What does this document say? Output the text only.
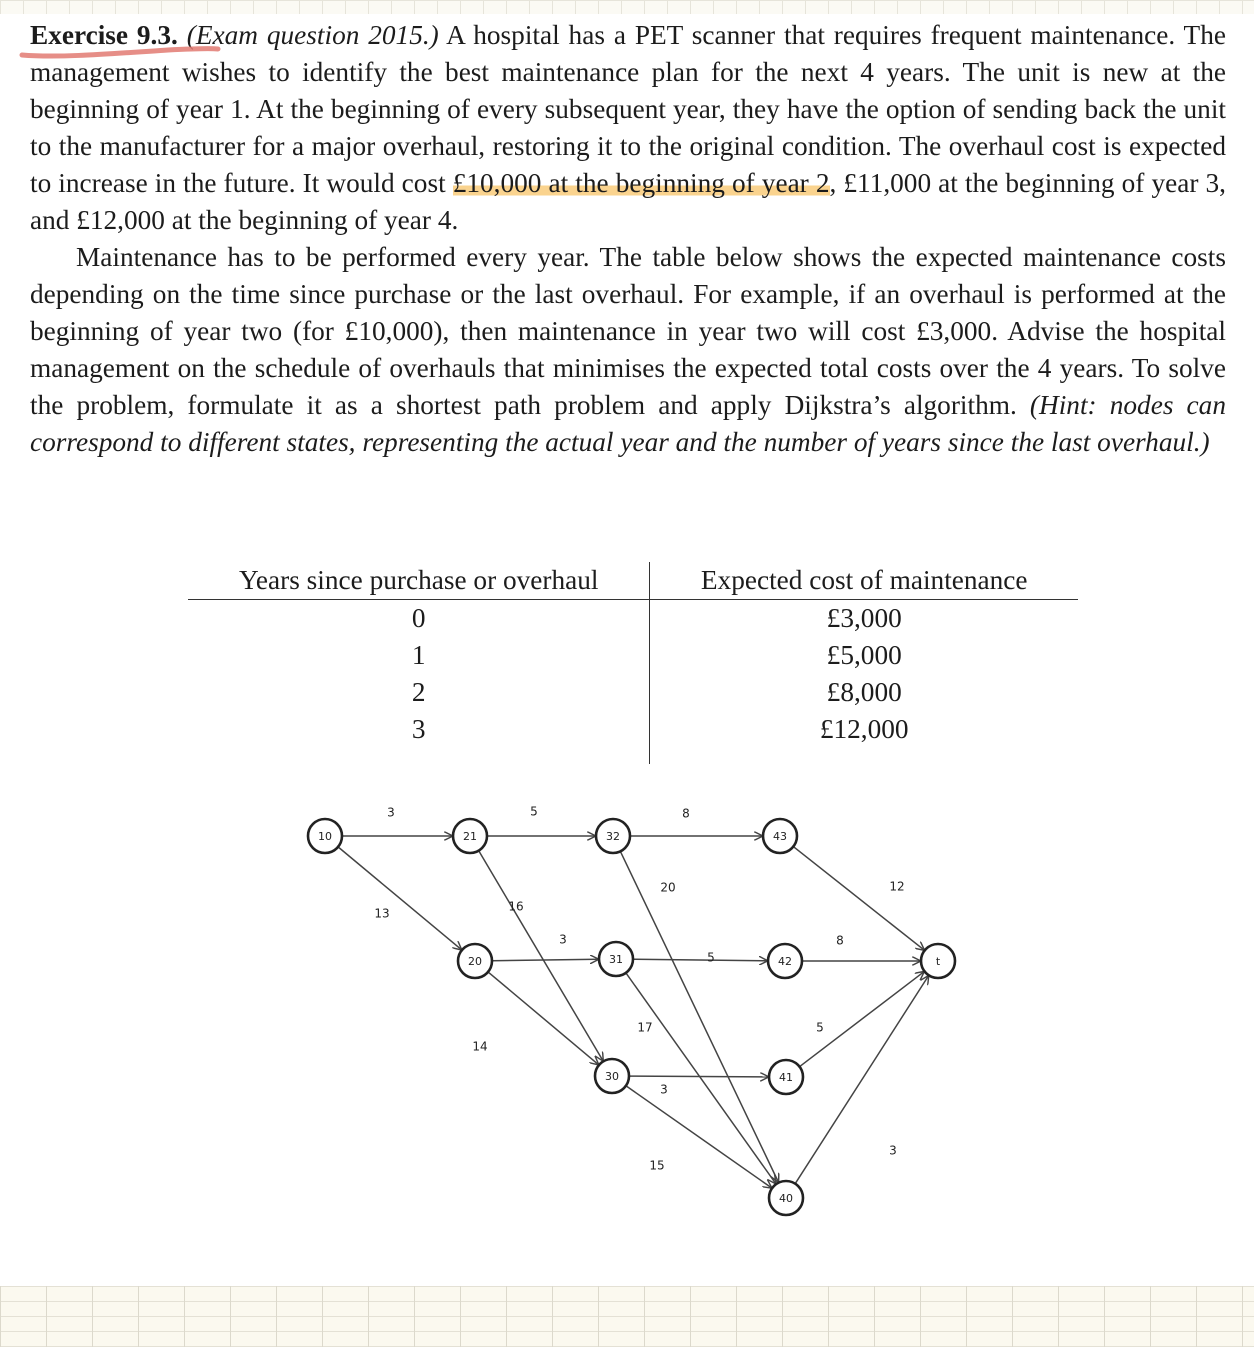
Exercise 9.3. (Exam question 2015.) A hospital has a PET scanner that requires frequent maintenance. The management wishes to identify the best maintenance plan for the next 4 years. The unit is new at the beginning of year 1. At the beginning of every subsequent year, they have the option of sending back the unit to the manufacturer for a major overhaul, restoring it to the original condition. The overhaul cost is expected to increase in the future. It would cost £10,000 at the beginning of year 2, £11,000 at the beginning of year 3, and £12,000 at the beginning of year 4.

Maintenance has to be performed every year. The table below shows the expected maintenance costs depending on the time since purchase or the last overhaul. For example, if an overhaul is performed at the beginning of year two (for £10,000), then maintenance in year two will cost £3,000. Advise the hospital management on the schedule of overhauls that minimises the expected total costs over the 4 years. To solve the problem, formulate it as a shortest path problem and apply Dijkstra’s algorithm. (Hint: nodes can correspond to different states, representing the actual year and the number of years since the last overhaul.)

Years since purchase or overhaul	Expected cost of maintenance
0	£3,000
1	£5,000
2	£8,000
3	£12,000
10	21	32	43
20	31	42
30	41
40
t
3
13
5
16
8
20
3
14
5
17
3
15
12
8
5
3
